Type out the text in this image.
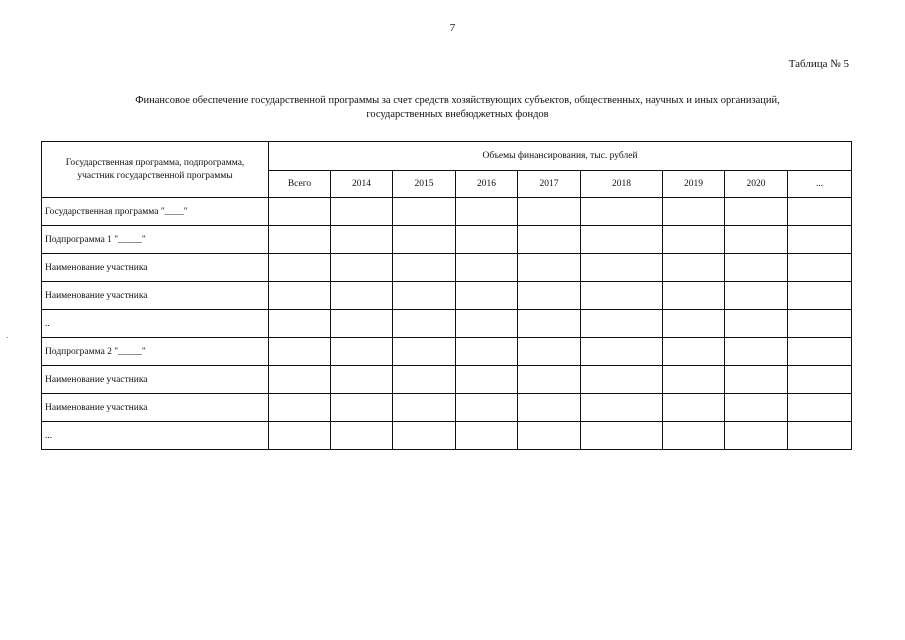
7
Таблица № 5
Финансовое обеспечение государственной программы за счет средств хозяйствующих субъектов, общественных, научных и иных организаций,
государственных внебюджетных фондов
.
Государственная программа, подпрограмма,
участник государственной программы	Объемы финансирования, тыс. рублей								
	Всего	2014	2015	2016	2017	2018	2019	2020	...
Государственная программа "____"									
Подпрограмма 1 "_____"									
Наименование участника									
Наименование участника									
..									
Подпрограмма 2 "_____"									
Наименование участника									
Наименование участника									
...									
